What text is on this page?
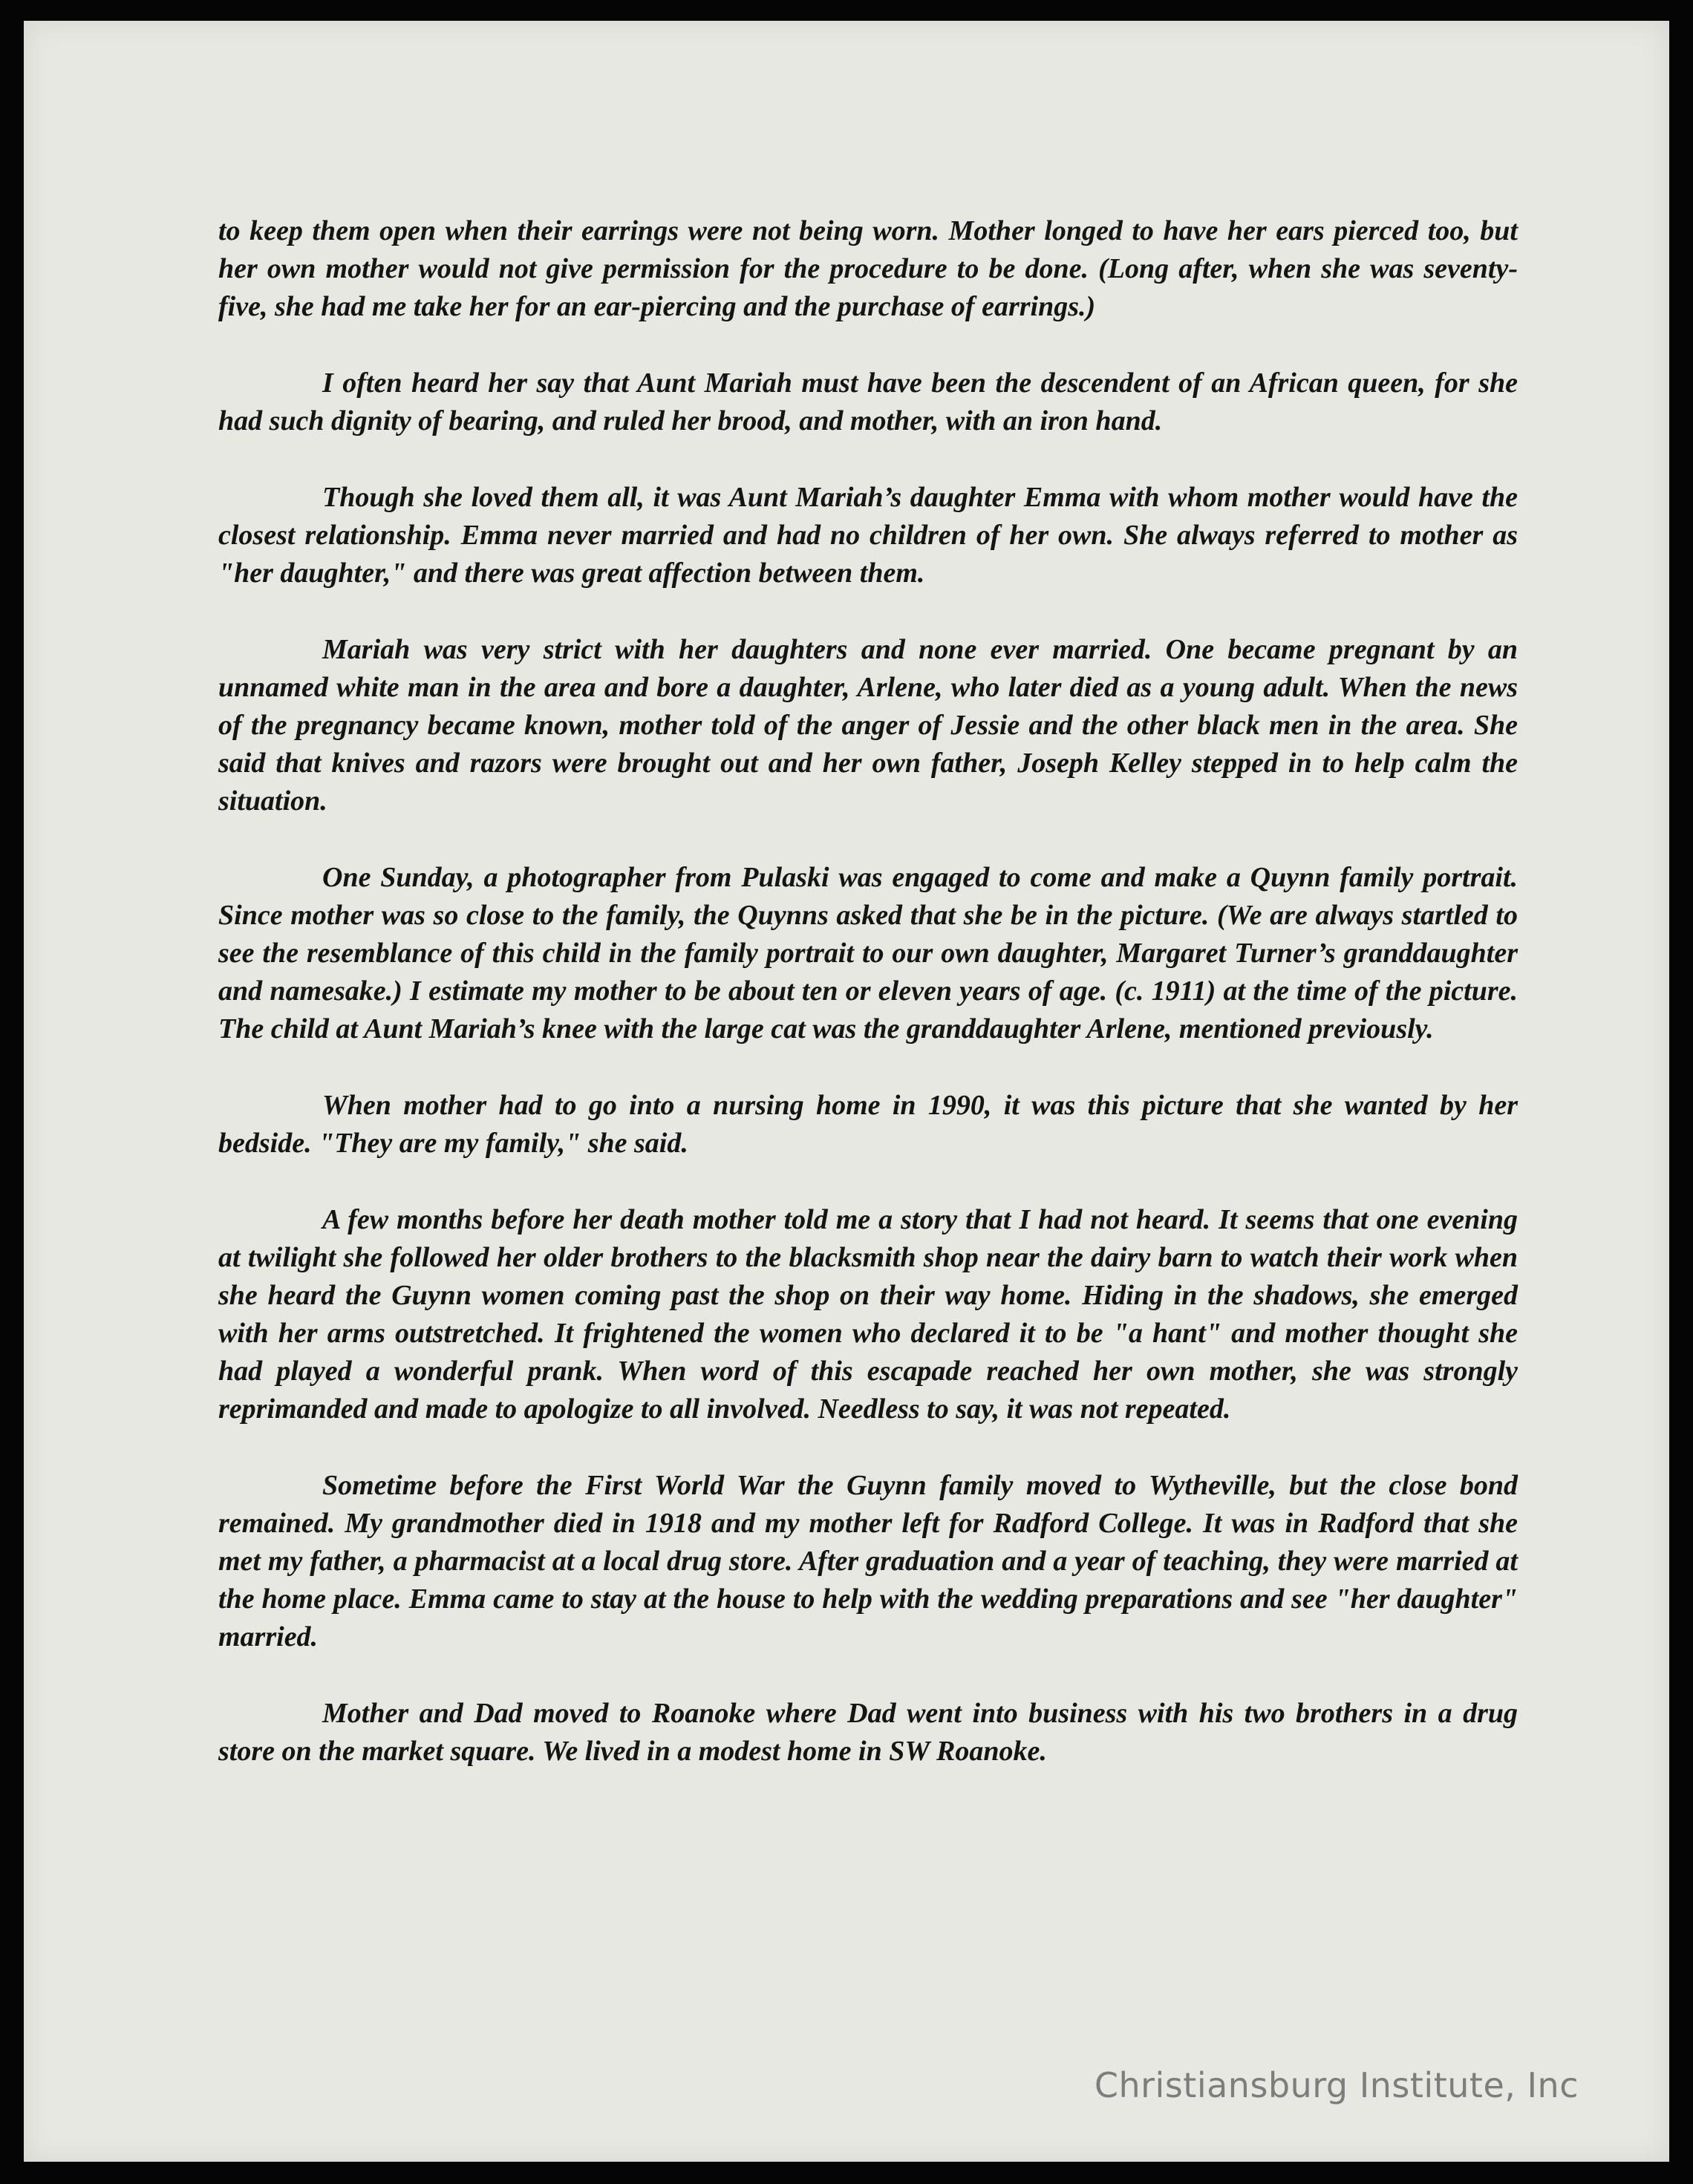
to keep them open when their earrings were not being worn. Mother longed to have her ears pierced too, but her own mother would not give permission for the procedure to be done. (Long after, when she was seventy-five, she had me take her for an ear-piercing and the purchase of earrings.)

I often heard her say that Aunt Mariah must have been the descendent of an African queen, for she had such dignity of bearing, and ruled her brood, and mother, with an iron hand.

Though she loved them all, it was Aunt Mariah’s daughter Emma with whom mother would have the closest relationship. Emma never married and had no children of her own. She always referred to mother as "her daughter," and there was great affection between them.

Mariah was very strict with her daughters and none ever married. One became pregnant by an unnamed white man in the area and bore a daughter, Arlene, who later died as a young adult. When the news of the pregnancy became known, mother told of the anger of Jessie and the other black men in the area. She said that knives and razors were brought out and her own father, Joseph Kelley stepped in to help calm the situation.

One Sunday, a photographer from Pulaski was engaged to come and make a Quynn family portrait. Since mother was so close to the family, the Quynns asked that she be in the picture. (We are always startled to see the resemblance of this child in the family portrait to our own daughter, Margaret Turner’s granddaughter and namesake.) I estimate my mother to be about ten or eleven years of age. (c. 1911) at the time of the picture. The child at Aunt Mariah’s knee with the large cat was the granddaughter Arlene, mentioned previously.

When mother had to go into a nursing home in 1990, it was this picture that she wanted by her bedside. "They are my family," she said.

A few months before her death mother told me a story that I had not heard. It seems that one evening at twilight she followed her older brothers to the blacksmith shop near the dairy barn to watch their work when she heard the Guynn women coming past the shop on their way home. Hiding in the shadows, she emerged with her arms outstretched. It frightened the women who declared it to be "a hant" and mother thought she had played a wonderful prank. When word of this escapade reached her own mother, she was strongly reprimanded and made to apologize to all involved. Needless to say, it was not repeated.

Sometime before the First World War the Guynn family moved to Wytheville, but the close bond remained. My grandmother died in 1918 and my mother left for Radford College. It was in Radford that she met my father, a pharmacist at a local drug store. After graduation and a year of teaching, they were married at the home place. Emma came to stay at the house to help with the wedding preparations and see "her daughter" married.

Mother and Dad moved to Roanoke where Dad went into business with his two brothers in a drug store on the market square. We lived in a modest home in SW Roanoke.

Christiansburg Institute, Inc
